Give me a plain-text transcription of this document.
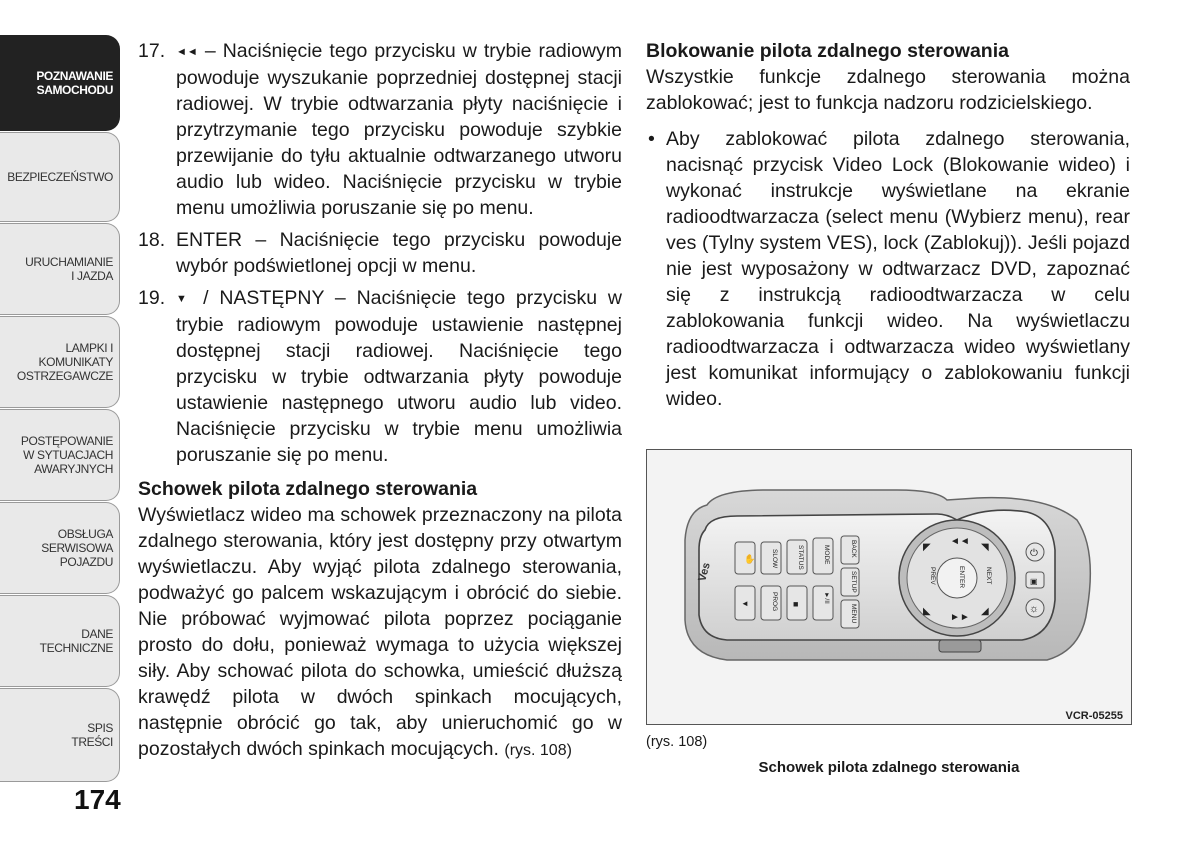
POZNAWANIE
SAMOCHODU
BEZPIECZEŃSTWO
URUCHAMIANIE
I JAZDA
LAMPKI I
KOMUNIKATY
OSTRZEGAWCZE
POSTĘPOWANIE
W SYTUACJACH
AWARYJNYCH
OBSŁUGA
SERWISOWA
POJAZDU
DANE
TECHNICZNE
SPIS
TREŚCI
174
17. ◄◄ – Naciśnięcie tego przycisku w trybie radiowym powoduje wyszukanie poprzedniej dostępnej stacji radiowej. W trybie odtwarzania płyty naciśnięcie i przytrzymanie tego przycisku powoduje szybkie przewijanie do tyłu aktualnie odtwarzanego utworu audio lub wideo. Naciśnięcie przycisku w trybie menu umożliwia poruszanie się po menu.
18. ENTER – Naciśnięcie tego przycisku powoduje wybór podświetlonej opcji w menu.
19. ▼ / NASTĘPNY – Naciśnięcie tego przycisku w trybie radiowym powoduje ustawienie następnej dostępnej stacji radiowej. Naciśnięcie tego przycisku w trybie odtwarzania płyty powoduje ustawienie następnego utworu audio lub video. Naciśnięcie przycisku w trybie menu umożliwia poruszanie się po menu.
Schowek pilota zdalnego sterowania

Wyświetlacz wideo ma schowek przeznaczony na pilota zdalnego sterowania, który jest dostępny przy otwartym wyświetlaczu. Aby wyjąć pilota zdalnego sterowania, podważyć go palcem wskazującym i obrócić do siebie. Nie próbować wyjmować pilota poprzez pociąganie prosto do dołu, ponieważ wymaga to użycia większej siły. Aby schować pilota do schowka, umieścić dłuższą krawędź pilota w dwóch spinkach mocujących, następnie obrócić go tak, aby unieruchomić go w pozostałych dwóch spinkach mocujących. (rys. 108)

Blokowanie pilota zdalnego sterowania

Wszystkie funkcje zdalnego sterowania można zablokować; jest to funkcja nadzoru rodzicielskiego.

• Aby zablokować pilota zdalnego sterowania, nacisnąć przycisk Video Lock (Blokowanie wideo) i wykonać instrukcje wyświetlane na ekranie radioodtwarzacza (select menu (Wybierz menu), rear ves (Tylny system VES), lock (Zablokuj)). Jeśli pojazd nie jest wyposażony w odtwarzacz DVD, zapoznać się z instrukcją radioodtwarzacza w celu zablokowania funkcji wideo. Na wyświetlaczu radioodtwarzacza i odtwarzacza wideo wyświetlany jest komunikat informujący o zablokowaniu funkcji wideo.
Ves
✋ SLOW	STATUS	MODE	BACK
SETUP
MENU
◄	PROG ■
►/II
ENTER
PREV	NEXT
◄◄
►►
◤	◥
◣	◢
⏻
▣
☼
VCR-05255
(rys. 108)
Schowek pilota zdalnego sterowania
